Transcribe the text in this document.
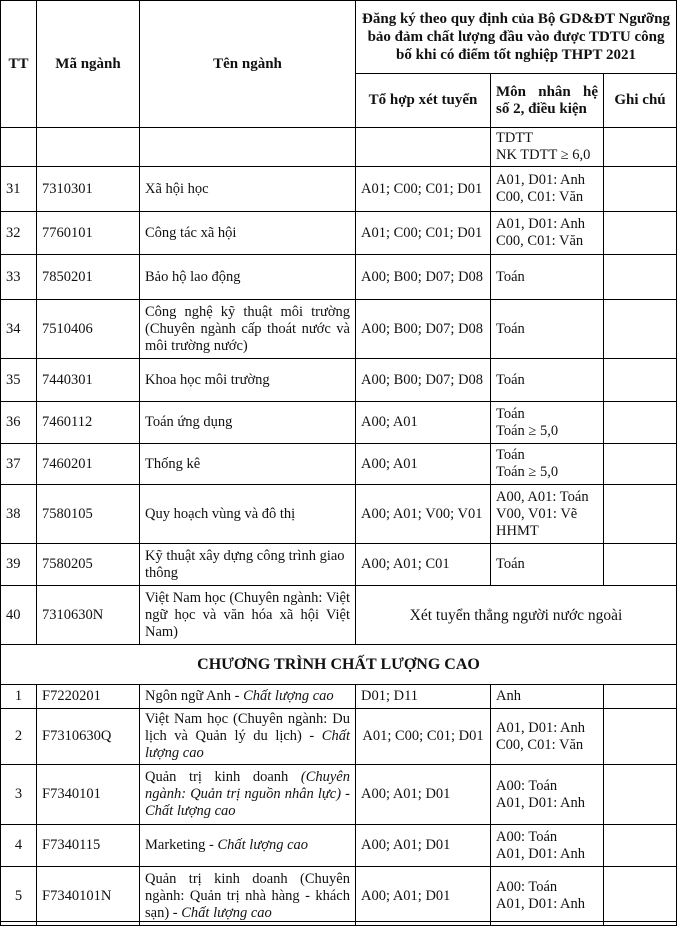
TT	Mã ngành	Tên ngành	Đăng ký theo quy định của Bộ GD&ĐT Ngưỡng bảo đảm chất lượng đầu vào được TDTU công bố khi có điểm tốt nghiệp THPT 2021		
			Tổ hợp xét tuyển	Môn nhân hệ số 2, điều kiện	Ghi chú
				TDTT
NK TDTT ≥ 6,0	
31	7310301	Xã hội học	A01; C00; C01; D01	A01, D01: Anh
C00, C01: Văn	
32	7760101	Công tác xã hội	A01; C00; C01; D01	A01, D01: Anh
C00, C01: Văn	
33	7850201	Bảo hộ lao động	A00; B00; D07; D08	Toán	
34	7510406	Công nghệ kỹ thuật môi trường (Chuyên ngành cấp thoát nước và môi trường nước)	A00; B00; D07; D08	Toán	
35	7440301	Khoa học môi trường	A00; B00; D07; D08	Toán	
36	7460112	Toán ứng dụng	A00; A01	Toán
Toán ≥ 5,0	
37	7460201	Thống kê	A00; A01	Toán
Toán ≥ 5,0	
38	7580105	Quy hoạch vùng và đô thị	A00; A01; V00; V01	A00, A01: Toán
V00, V01: Vẽ HHMT	
39	7580205	Kỹ thuật xây dựng công trình giao thông	A00; A01; C01	Toán	
40	7310630N	Việt Nam học (Chuyên ngành: Việt ngữ học và văn hóa xã hội Việt Nam)	Xét tuyển thẳng người nước ngoài		
CHƯƠNG TRÌNH CHẤT LƯỢNG CAO					
1	F7220201	Ngôn ngữ Anh - Chất lượng cao	D01; D11	Anh	
2	F7310630Q	Việt Nam học (Chuyên ngành: Du lịch và Quản lý du lịch) - Chất lượng cao	A01; C00; C01; D01	A01, D01: Anh
C00, C01: Văn	
3	F7340101	Quản trị kinh doanh (Chuyên ngành: Quản trị nguồn nhân lực) - Chất lượng cao	A00; A01; D01	A00: Toán
A01, D01: Anh	
4	F7340115	Marketing - Chất lượng cao	A00; A01; D01	A00: Toán
A01, D01: Anh	
5	F7340101N	Quản trị kinh doanh (Chuyên ngành: Quản trị nhà hàng - khách sạn) - Chất lượng cao	A00; A01; D01	A00: Toán
A01, D01: Anh	
